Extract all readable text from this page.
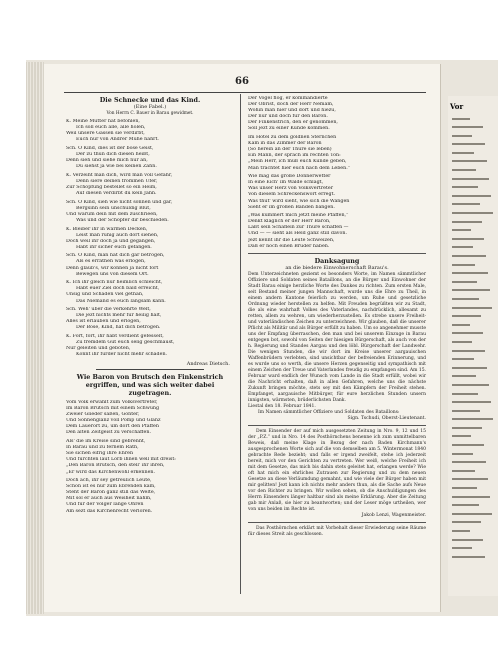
Vor
66
Die Schnecke und das Kind.
(Eine Fabel.)
Von Herrn C. Bauer in Barau gewidmet.
K. Meine Mutter hat befohlen,
Ich soll euch alle, alle holen,
Weil unsere Gassen sie verdirbt,
Euch nur von Andrer Mühe nährt.
Sch. O Kind, dies ist der böse Geist,
Der zu thun dich diesen heißt,
Denn sieh und siehe mich nur an,
Du siehst ja wie bei keinen Zahn.
K. Verzeiht man dich, wird man voll Gefahr,
Denn siere deinen frommen Ufer,
Zur Schöpfung bestellet so ein Heim,
Auf diesen verdirbt du kein Jahn.
Sch. O Kind, sieh wie nicht sonnen und gar,
Bergsinn sein unschuldig Blut,
Und warum dein mit dem zuschrieen,
Was und der Schöpfer dir beschieden.
K. Bleiber ihr in warmen Decken,
Leist man ruhig auch dort siehen,
Doch weil ihr doch ja und gegangen,
Habt ihr sicher euch gefangen.
Sch. O Kind, man hat dich gar betrogen,
Als es errathen was erlogen,
Denn glaub's, wir können ja nicht fort
Bewegen uns von diesem Ort.
K. Ich ihr gleich nur heimlich schleicht,
Habt euer Ziel doch bald erreicht,
Unsig und Schaden viel gethan,
Das Niemand es euch langsam kann.
Sch. Weh' über die verkehrte Welt,
Die jezt nichts mehr für heilig hält,
Alles ist erlauben und erlogen,
Der Böse, Kind, hat dich betrogen.
K. Fort, fort, ihr habt verdient gefesselt,
Zu fremdem Gut euch selig geschmaust,
Nur geleiten und geboten,
Könnt ihr fürder nicht mehr schaden.
Andreas Dietsch.
Wie Baron von Brutsch den Finkenstrich ergriffen, und was sich weiter dabei zugetragen.
Vom Volk erwählt zum Volksvertreter,
Im Baron Brutsch mit einem Schwung
Zweier Glieder säßen, Gönter,
Und Sonnenglanz voll Pomp und Glanz
Dem Lauerort zu, um dort den Pfaffen
Den alten Zeitgeist zu verschaffen.
Als' die im Kreise sind gebrennt,
In Barau und zu fernem Rath,
Sie sichen eifrig ihre Ehren
Und fürchten laut Lorb ihnen well mit dreist:
„Den Baron Brutsch, den stell' ihr ihren,
„Er wird das Kirchenwohl erkennen.
Doch ach, ihr sey getreulich Leute,
Schon ist es nur zum Ebrenden kam,
Steht der Baron ganz still das Welte,
Mit sol er auch aus Weisheit nahm,
Und für der Völger lange Ohren
Am sezt das Kirchenrecht verloren.
Der Vogel flog, er kommandierte
Der Obrist, doch der Herr Nemam,
Wohin man hier und dort und hiezu,
Der nur und doch für den Baron.
Der Finkenstrich, den er genommen,
Soll jezt zu einer Kunde kommen.
Im Hotel zu dem goldnen Sternchen
Kam in das Zimmer der Baron
(So herein an der Thüre sie leben)
Ein Mann, der sprach im rechten Ton:
„Mein Herr, ich muß euch Kunde geben,
Man trachtet hier euch nach dem Leben.“
Wie mag das große Donnerwetter
In eine Eich' im Walde schlägt,
Was unser Herz von Volksvertreter
Von diesem Schreckenswort erregt.
Was thut' wird sieht, wie sich die Wangen
Sieht er im großen Bänden bangen.
„Was kümmert mich jetzt meine Pfaffen,“
Denkt kläglich er der Herr Baron,
Läßt sein Schäflein zur Thüre schaffen —
Und — — sieht als Held ganz still davon.
Jezt kennt ihr die Leute Schweizen,
Daß er noch einen Bruder haben.
Danksagung
an die biedere Einwohnerschaft Barau's.

Dem Unterzeichneten geziemt es besonders Worte, im Namen sämmtlicher Offiziere und Soldaten seines Bataillons, an die Bürger und Einwohner der Stadt Barau einige herzliche Worte des Dankes zu richten. Zum ersten Male, seit Bestand meiner jungen Mannschaft, wurde uns die Ehre zu Theil, in einem andern Kantone feierlich zu werden, um Ruhe und gesetzliche Ordnung wieder herstellen zu helfen. Mit Freuden begrüßten wir zu Stadt, die als eine wahrhaft Volkes des Vaterlandes, nachdrücklich, allesamt zu retten, allem zu wehren, um wiederherzustellen. Es strebe unsere Freiheit- und vaterländischen Zeichen zu unterzeichnen. Wir glauben, daß die unserer Pflicht als Militär und als Bürger erfüllt zu haben. Um so angenehmer musste uns der Empfang überraschen, den man und bei unserem Einzuge in Barau entgegen bot, sowohl von Seiten der hiesigen Bürgerschaft, als auch von der h. Regierung und Standes Aargau und den löbl. Bürgerschaft der Landwehr. Die wenigen Stunden, die wir dort im Kreise unserer aargauischen Waffenbrüdern verlebten, sind unsichtbar der befreienden Erinnerung, und es wurde uns so werth, die unsere Herzen gegenseitig und sympathisch mit einem Zeichen der Treue und Vaterlandes freudig zu empfangen sind. Am 15. Februar ward endlich der Wunsch vom Lande in die Stadt erfüllt, wobei wir die Nachricht erhalten, daß in allen Gefahren, welche uns die nächste Zukunft bringen möchte, stets sey mit den Kämpfern der Freiheit stehen. Empfanget, aargauische Mitbürger, für eure herzlichen Stunden unsern innigsten, wärmsten, brüderlichsten Dank.

Liestal den 18. Februar 1841.
Im Namen sämmtlicher Offiziere und Soldaten des Bataillons:
Sign. Tschudi, Oberst-Lieutenant.

Dem Einsender der auf mich ausgesetzten Zeitung in Nro. 9, 12 und 15 der „P.Z.“ und in Nro. 14 des Posthörnchens benenne ich zum unmittelbaren Beweis, daß meine Klage in Bezug der nach Baden Kirchmann's ausgesprochenen Worte sich auf die von demselben am 5. Wintermonat 1840 gebrachte Rede bezieht; und falls er irgend zweifelt, stehe ich jederzeit bereit, mich vor den Gerichten zu vertreten. Wer weiß, welche Freiheit ich mit dem Gesetze, das mich bis dahin stets geleitet hat, erlangen werde? Wie oft hat mich ein ehrliches Zutrauen zur Regierung und zu dem neuen Gesetze an diese Verläumdung gemahnt, und wie viele der Bürger haben mit mir gelitten! Jezt kann ich nichts mehr anders thun, als die Sache aufs Neue vor den Richter zu bringen. Wir wollen sehen, ob die Anschuldigungen des Herrn Einsenders länger haltbar sind als meine Erklärung. Aber die Zeitung gab mir Anlaß, sie hier zu beantworten; und der Leser möge urtheilen, wer von uns beiden im Rechte ist.

Jakob Lenzi, Wagenmeister.

Das Posthörnchen erklärt mit Vorbehalt dieser Erwiederung seine Räume für dieses Streit als geschlossen.
